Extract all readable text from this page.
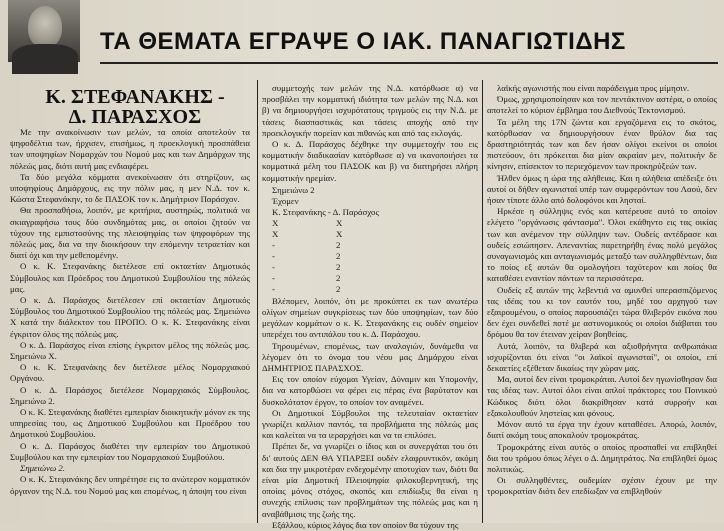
ΤΑ ΘΕΜΑΤΑ ΕΓΡΑΨΕ Ο ΙΑΚ. ΠΑΝΑΓΙΩΤΙΔΗΣ
Κ. ΣΤΕΦΑΝΑΚΗΣ -
Δ. ΠΑΡΑΣΧΟΣ

Με την ανακοίνωσιν των μελών, τα οποία αποτελούν τα ψηφοδέλτια των, ήρχισεν, επισήμως, η προεκλογική προσπάθεια των υποψηφίων Νομαρχών του Νομού μας και των Δημάρχων της πόλεώς μας, διότι αυτή μας ενδιαφέρει.

Τα δύο μεγάλα κόμματα ανεκοίνωσαν ότι στηρίζουν, ως υποψηφίους Δημάρχους, εις την πόλιν μας, η μεν Ν.Δ. τον κ. Κώστα Στεφανάκην, το δε ΠΑΣΟΚ τον κ. Δημήτριον Παράσχον.

Θα προσπαθήσω, λοιπόν, με κριτήρια, αυστηρώς, πολιτικά να σκιαγραφήσω τους δύο συνδημότας μας, οι οποίοι ζητούν να τύχουν της εμπιστοσύνης της πλειοψηφίας των ψηφοφόρων της πόλεώς μας, δια να την διοικήσουν την επόμενην τετραετίαν και διατί όχι και την μεθεπομένην.

Ο κ. Κ. Στεφανάκης διετέλεσε επί οκταετίαν Δημοτικός Σύμβουλος και Πρόεδρος του Δημοτικού Συμβουλίου της πόλεώς μας.

Ο κ. Δ. Παράσχος διετέλεσεν επί οκταετίαν Δημοτικός Σύμβουλος του Δημοτικού Συμβουλίου της πόλεώς μας. Σημειώνω Χ κατά την διάλεκτον του ΠΡΟΠΟ. Ο κ. Κ. Στεφανάκης είναι έγκριτον όλος της πόλεώς μας.

Ο κ. Δ. Παράσχος είναι επίσης έγκριτον μέλος της πόλεώς μας. Σημειώνω Χ.

Ο κ. Κ. Στεφανάκης δεν διετέλεσε μέλος Νομαρχιακού Οργάνου.

Ο κ. Δ. Παράσχος διετέλεσε Νομαρχιακός Σύμβουλος. Σημειώνω 2.

Ο κ. Κ. Στεφανάκης διαθέτει εμπειρίαν διοικητικήν μόνον εκ της υπηρεσίας του, ως Δημοτικού Συμβούλου και Προέδρου του Δημοτικού Συμβουλίου.

Ο κ. Δ. Παράσχος διαθέτει την εμπειρίαν του Δημοτικού Συμβούλου και την εμπειρίαν του Νομαρχιακού Συμβούλου.

Σημειώνω 2.

Ο κ. Κ. Στεφανάκης δεν υπηρέτησε εις το ανώτερον κομματικόν όργανον της Ν.Δ. του Νομού μας και επομένως, η άποψη του είναι

συμμετοχής των μελών της Ν.Δ. κατόρθωσε α) να προσβάλει την κομματική ιδιότητα των μελών της Ν.Δ. και β) να δημιουργήσει ισχυρότατους τριγμούς εις την Ν.Δ. με τάσεις διασπαστικάς και τάσεις αποχής από την προεκλογικήν πορείαν και πιθανώς και από τας εκλογάς.

Ο κ. Δ. Παράσχος δέχθηκε την συμμετοχήν του εις κομματικήν διαδικασίαν κατόρθωσε α) να ικανοποιήσει τα κομματικά μέλη του ΠΑΣΟΚ και β) να διατηρήσει πλήρη κομματικήν ηρεμίαν.

Σημειώνω 2
Έχομεν
Κ. Στεφανάκης - Δ. Παράσχος
X	X
X	X
-	2
-	2
-	2
-	2
-	2

Βλέπομεν, λοιπόν, ότι με προκύπτει εκ των ανωτέρω ολίγων σημείων συγκρίσεως των δύο υποψηφίων, των δύο μεγάλων κομμάτων ο κ. Κ. Στεφανάκης εις ουδέν σημείον υπερέχει του αντιπάλου του κ. Δ. Παράσχου.

Τηρουμένων, επομένως, των αναλογιών, δυνάμεθα να λέγομεν ότι το όνομα του νέου μας Δημάρχου είναι ΔΗΜΗΤΡΙΟΣ ΠΑΡΑΣΧΟΣ.

Εις τον οποίον εύχομαι Υγείαν, Δύναμιν και Υπομονήν, δια να κατορθώσει να φέρει εις πέρας ένα βαρύτατον και δυσκολότατον έργον, το οποίον τον αναμένει.

Οι Δημοτικοί Σύμβουλοι της τελευταίαν οκταετίαν γνωρίζει καλλιον παντός, τα προβλήματα της πόλεώς μας και καλείται να τα ιεραρχήσει και να τα επιλύσει.

Πρέπει δε, να γνωρίζει ο ίδιος και οι συνεργάται του ότι δι' αυτούς ΔΕΝ ΘΑ ΥΠΑΡΞΕΙ ουδέν ελαφρυντικόν, ακόμη και δια την μικροτέραν ενδεχομένην αποτυχίαν των, διότι θα είναι μία Δημοτική Πλειοψηφία φιλοκυβερνητική, της οποίας μόνος στόχος, σκοπός και επιδίωξις θα είναι η συνεχής επίλυσις των προβλημάτων της πόλεώς μας και η αναβάθμισις της ζωής της.

Εξάλλου, κύριος λόγος δια τον οποίον θα τύχουν της

λαϊκής αγωνιστής που είναι παράδειγμα προς μίμησιν.

Όμως, χρησιμοποίησαν και τον πεντάκτινον αστέρα, ο οποίος αποτελεί το κύριον έμβλημα του Διεθνούς Τεκτονισμού.

Τα μέλη της 17Ν ζώντα και εργαζόμενα εις το σκότος, κατόρθωσαν να δημιουργήσουν έναν θρύλον δια τας δραστηριότητάς των και δεν ήσαν ολίγοι εκείνοι οι οποίοι πιστεύουν, ότι πρόκειται δια μίαν ακραίαν μεν, πολιτικήν δε κίνησιν, επίσεκτον το περιεχόμενον των προκηρύξεών των.

Ήλθεν όμως η ώρα της αλήθειας. Και η αλήθεια απέδειξε ότι αυτοί οι δήθεν αγωνισταί υπέρ των συμφερόντων του Λαού, δεν ήσαν τίποτε άλλο από δολοφόνοι και λησταί.

Ηρκέσε η σύλληψις ενός και κατέρευσε αυτό το οποίον ελέγετο "οργάνωσις φάντασμα". Όλοι εκάθηντο εις τας οικίας των και ανέμενον την σύλληψιν των. Ουδείς αντέδρασε και ουδείς εσιώπησεν. Απεναντίας παρετηρήθη ένας πολύ μεγάλος συναγωνισμός και ανταγωνισμός μεταξύ των συλληφθέντων, δια το ποίος εξ αυτών θα ομολογήσει ταχύτερον και ποίος θα καταθέσει εναντίον πάντων τα περισσότερα.

Ουδείς εξ αυτών της λεβεντιά να αμυνθεί υπερασπιζόμενος τας ιδέας του κι τον εαυτόν του, μηδέ του αρχηγού των εξαιρουμένου, ο οποίος παρουσιάζει τώρα θλιβερόν εικόνα που δεν έχει συνδεθεί ποτέ με αστυνομικούς οι οποίοι διάβαται του δρόμου θα τον έτειναν χείραν βοηθείας.

Αυτά, λοιπόν, τα θλιβερά και αξιοθρήνητα ανθρωπάκια ισχυρίζονται ότι είναι "οι λαϊκοί αγωνισταί", οι οποίοι, επί δεκαετίες εξέθεταν δικαίως την χώραν μας.

Μα, αυτοί δεν είναι τρομοκράται. Αυτοί δεν ηγωνίσθησαν δια τας ιδέας των. Αυτοί όλοι είναι απλοί πράκτορες του Ποινικού Κώδικος διότι όλοι διακρίθησαν κατά συρροήν και εξακολουθούν ληστείας και φόνους.

Μόνον αυτό τα έργα την έχουν καταθέσει. Απορώ, λοιπόν, διατί ακόμη τους αποκαλούν τρομοκράτας.

Τρομοκράτης είναι αυτός ο οποίος προσπαθεί να επιβληθεί δια του τρόμου όπως λέγει ο Δ. Δημητράτος. Να επιβληθεί όμως πολιτικώς.

Οι συλληφθέντες, ουδεμίαν σχέσιν έχουν με την τρομοκρατίαν διότι δεν επεδίωξαν να επιβληθούν
